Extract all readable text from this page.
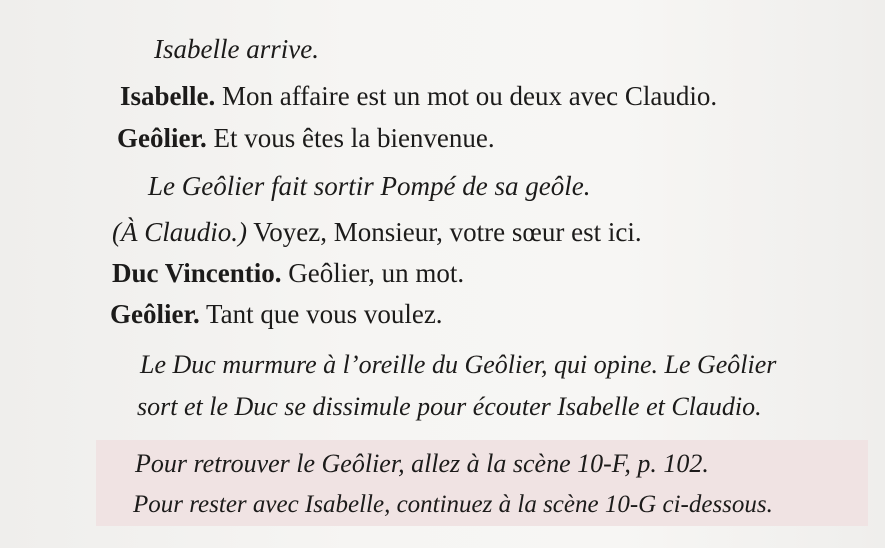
Isabelle arrive.
Isabelle. Mon affaire est un mot ou deux avec Claudio.
Geôlier. Et vous êtes la bienvenue.
Le Geôlier fait sortir Pompé de sa geôle.
(À Claudio.) Voyez, Monsieur, votre sœur est ici.
Duc Vincentio. Geôlier, un mot.
Geôlier. Tant que vous voulez.
Le Duc murmure à l’oreille du Geôlier, qui opine. Le Geôlier
sort et le Duc se dissimule pour écouter Isabelle et Claudio.
Pour retrouver le Geôlier, allez à la scène 10-F, p. 102.
Pour rester avec Isabelle, continuez à la scène 10-G ci-dessous.
